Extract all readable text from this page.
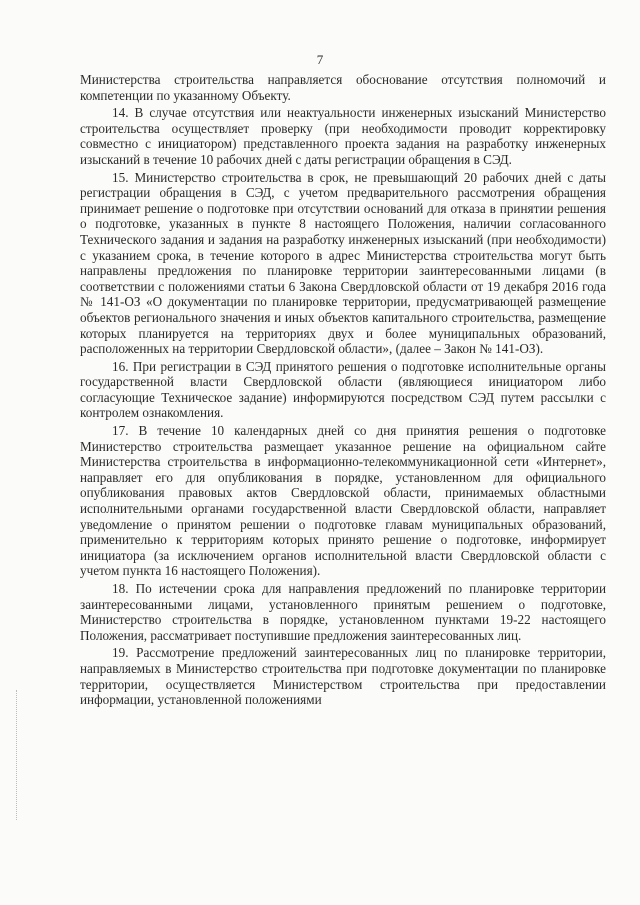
7

Министерства строительства направляется обоснование отсутствия полномочий и компетенции по указанному Объекту.

14. В случае отсутствия или неактуальности инженерных изысканий Министерство строительства осуществляет проверку (при необходимости проводит корректировку совместно с инициатором) представленного проекта задания на разработку инженерных изысканий в течение 10 рабочих дней с даты регистрации обращения в СЭД.

15. Министерство строительства в срок, не превышающий 20 рабочих дней с даты регистрации обращения в СЭД, с учетом предварительного рассмотрения обращения принимает решение о подготовке при отсутствии оснований для отказа в принятии решения о подготовке, указанных в пункте 8 настоящего Положения, наличии согласованного Технического задания и задания на разработку инженерных изысканий (при необходимости) с указанием срока, в течение которого в адрес Министерства строительства могут быть направлены предложения по планировке территории заинтересованными лицами (в соответствии с положениями статьи 6 Закона Свердловской области от 19 декабря 2016 года № 141-ОЗ «О документации по планировке территории, предусматривающей размещение объектов регионального значения и иных объектов капитального строительства, размещение которых планируется на территориях двух и более муниципальных образований, расположенных на территории Свердловской области», (далее – Закон № 141-ОЗ).

16. При регистрации в СЭД принятого решения о подготовке исполнительные органы государственной власти Свердловской области (являющиеся инициатором либо согласующие Техническое задание) информируются посредством СЭД путем рассылки с контролем ознакомления.

17. В течение 10 календарных дней со дня принятия решения о подготовке Министерство строительства размещает указанное решение на официальном сайте Министерства строительства в информационно-телекоммуникационной сети «Интернет», направляет его для опубликования в порядке, установленном для официального опубликования правовых актов Свердловской области, принимаемых областными исполнительными органами государственной власти Свердловской области, направляет уведомление о принятом решении о подготовке главам муниципальных образований, применительно к территориям которых принято решение о подготовке, информирует инициатора (за исключением органов исполнительной власти Свердловской области с учетом пункта 16 настоящего Положения).

18. По истечении срока для направления предложений по планировке территории заинтересованными лицами, установленного принятым решением о подготовке, Министерство строительства в порядке, установленном пунктами 19-22 настоящего Положения, рассматривает поступившие предложения заинтересованных лиц.

19. Рассмотрение предложений заинтересованных лиц по планировке территории, направляемых в Министерство строительства при подготовке документации по планировке территории, осуществляется Министерством строительства при предоставлении информации, установленной положениями
